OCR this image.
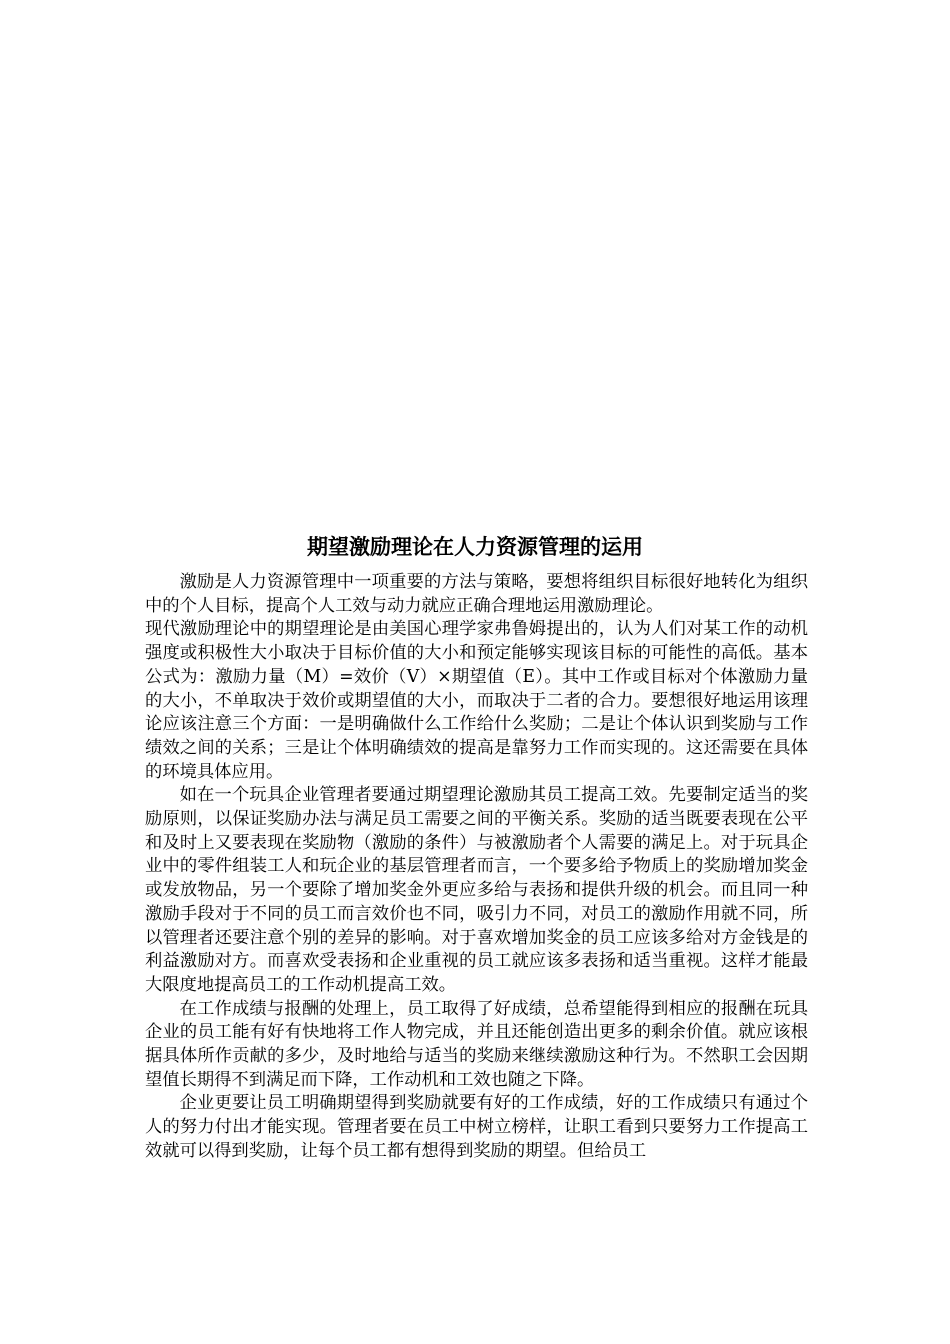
期望激励理论在人力资源管理的运用

激励是人力资源管理中一项重要的方法与策略，要想将组织目标很好地转化为组织中的个人目标，提高个人工效与动力就应正确合理地运用激励理论。

现代激励理论中的期望理论是由美国心理学家弗鲁姆提出的，认为人们对某工作的动机强度或积极性大小取决于目标价值的大小和预定能够实现该目标的可能性的高低。基本公式为：激励力量（M）=效价（V）×期望值（E）。其中工作或目标对个体激励力量的大小，不单取决于效价或期望值的大小，而取决于二者的合力。要想很好地运用该理论应该注意三个方面：一是明确做什么工作给什么奖励；二是让个体认识到奖励与工作绩效之间的关系；三是让个体明确绩效的提高是靠努力工作而实现的。这还需要在具体的环境具体应用。

如在一个玩具企业管理者要通过期望理论激励其员工提高工效。先要制定适当的奖励原则，以保证奖励办法与满足员工需要之间的平衡关系。奖励的适当既要表现在公平和及时上又要表现在奖励物（激励的条件）与被激励者个人需要的满足上。对于玩具企业中的零件组装工人和玩企业的基层管理者而言，一个要多给予物质上的奖励增加奖金或发放物品，另一个要除了增加奖金外更应多给与表扬和提供升级的机会。而且同一种激励手段对于不同的员工而言效价也不同，吸引力不同，对员工的激励作用就不同，所以管理者还要注意个别的差异的影响。对于喜欢增加奖金的员工应该多给对方金钱是的利益激励对方。而喜欢受表扬和企业重视的员工就应该多表扬和适当重视。这样才能最大限度地提高员工的工作动机提高工效。

在工作成绩与报酬的处理上，员工取得了好成绩，总希望能得到相应的报酬在玩具企业的员工能有好有快地将工作人物完成，并且还能创造出更多的剩余价值。就应该根据具体所作贡献的多少，及时地给与适当的奖励来继续激励这种行为。不然职工会因期望值长期得不到满足而下降，工作动机和工效也随之下降。

企业更要让员工明确期望得到奖励就要有好的工作成绩，好的工作成绩只有通过个人的努力付出才能实现。管理者要在员工中树立榜样，让职工看到只要努力工作提高工效就可以得到奖励，让每个员工都有想得到奖励的期望。但给员工
